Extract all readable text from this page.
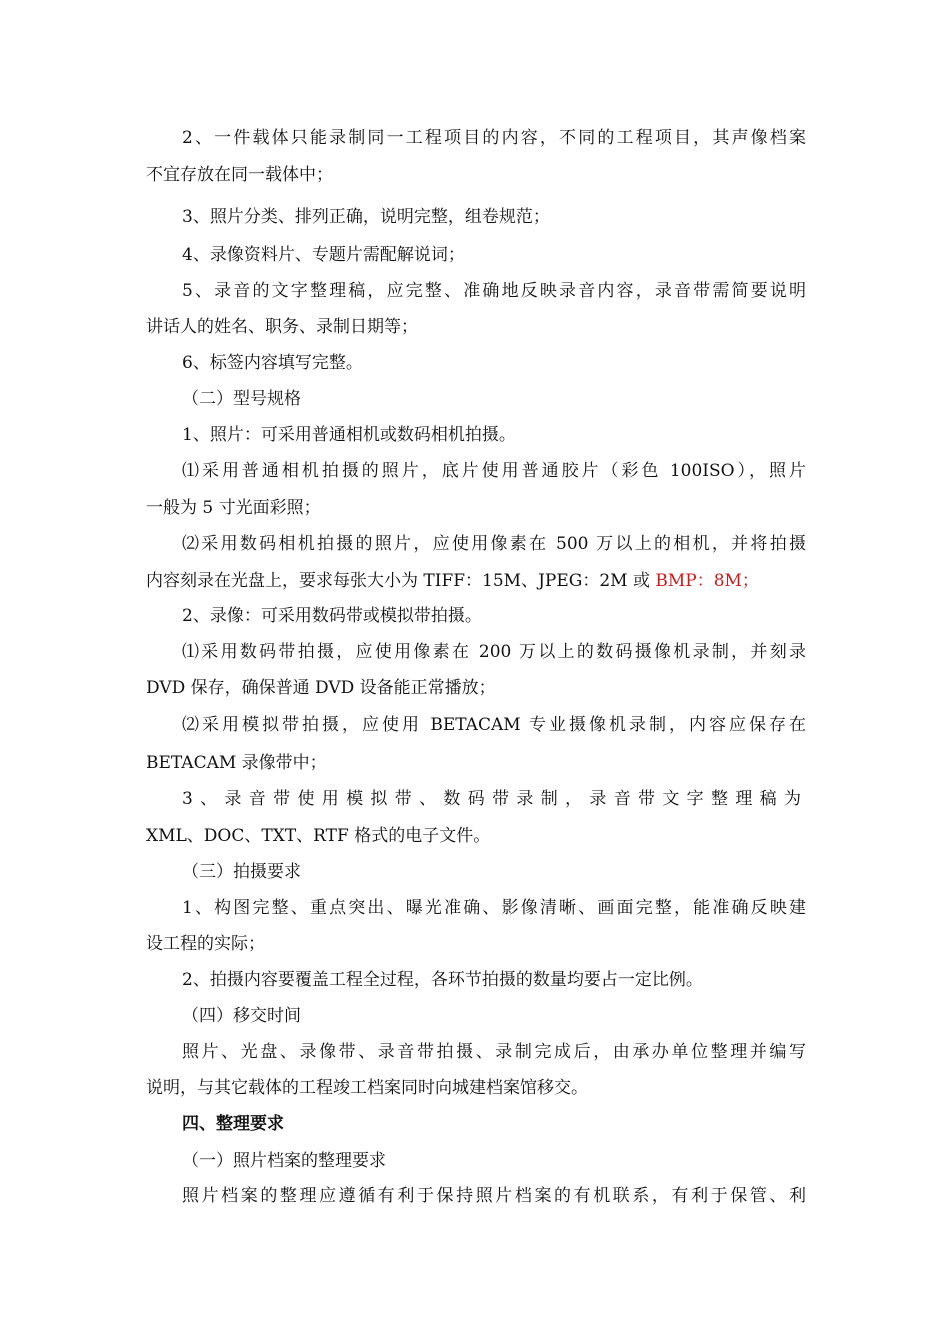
2、一件载体只能录制同一工程项目的内容，不同的工程项目，其声像档案
不宜存放在同一载体中；
3、照片分类、排列正确，说明完整，组卷规范；
4、录像资料片、专题片需配解说词；
5、录音的文字整理稿，应完整、准确地反映录音内容，录音带需简要说明
讲话人的姓名、职务、录制日期等；
6、标签内容填写完整。
（二）型号规格
1、照片：可采用普通相机或数码相机拍摄。
⑴采用普通相机拍摄的照片，底片使用普通胶片（彩色 100ISO），照片
一般为 5 寸光面彩照；
⑵采用数码相机拍摄的照片，应使用像素在 500 万以上的相机，并将拍摄
内容刻录在光盘上，要求每张大小为 TIFF：15M、JPEG：2M 或 BMP：8M；
2、录像：可采用数码带或模拟带拍摄。
⑴采用数码带拍摄，应使用像素在 200 万以上的数码摄像机录制，并刻录
DVD 保存，确保普通 DVD 设备能正常播放；
⑵采用模拟带拍摄，应使用 BETACAM 专业摄像机录制，内容应保存在
BETACAM 录像带中；
3、录音带使用模拟带、数码带录制，录音带文字整理稿为
XML、DOC、TXT、RTF 格式的电子文件。
（三）拍摄要求
1、构图完整、重点突出、曝光准确、影像清晰、画面完整，能准确反映建
设工程的实际；
2、拍摄内容要覆盖工程全过程，各环节拍摄的数量均要占一定比例。
（四）移交时间
照片、光盘、录像带、录音带拍摄、录制完成后，由承办单位整理并编写
说明，与其它载体的工程竣工档案同时向城建档案馆移交。
四、整理要求
（一）照片档案的整理要求
照片档案的整理应遵循有利于保持照片档案的有机联系，有利于保管、利
